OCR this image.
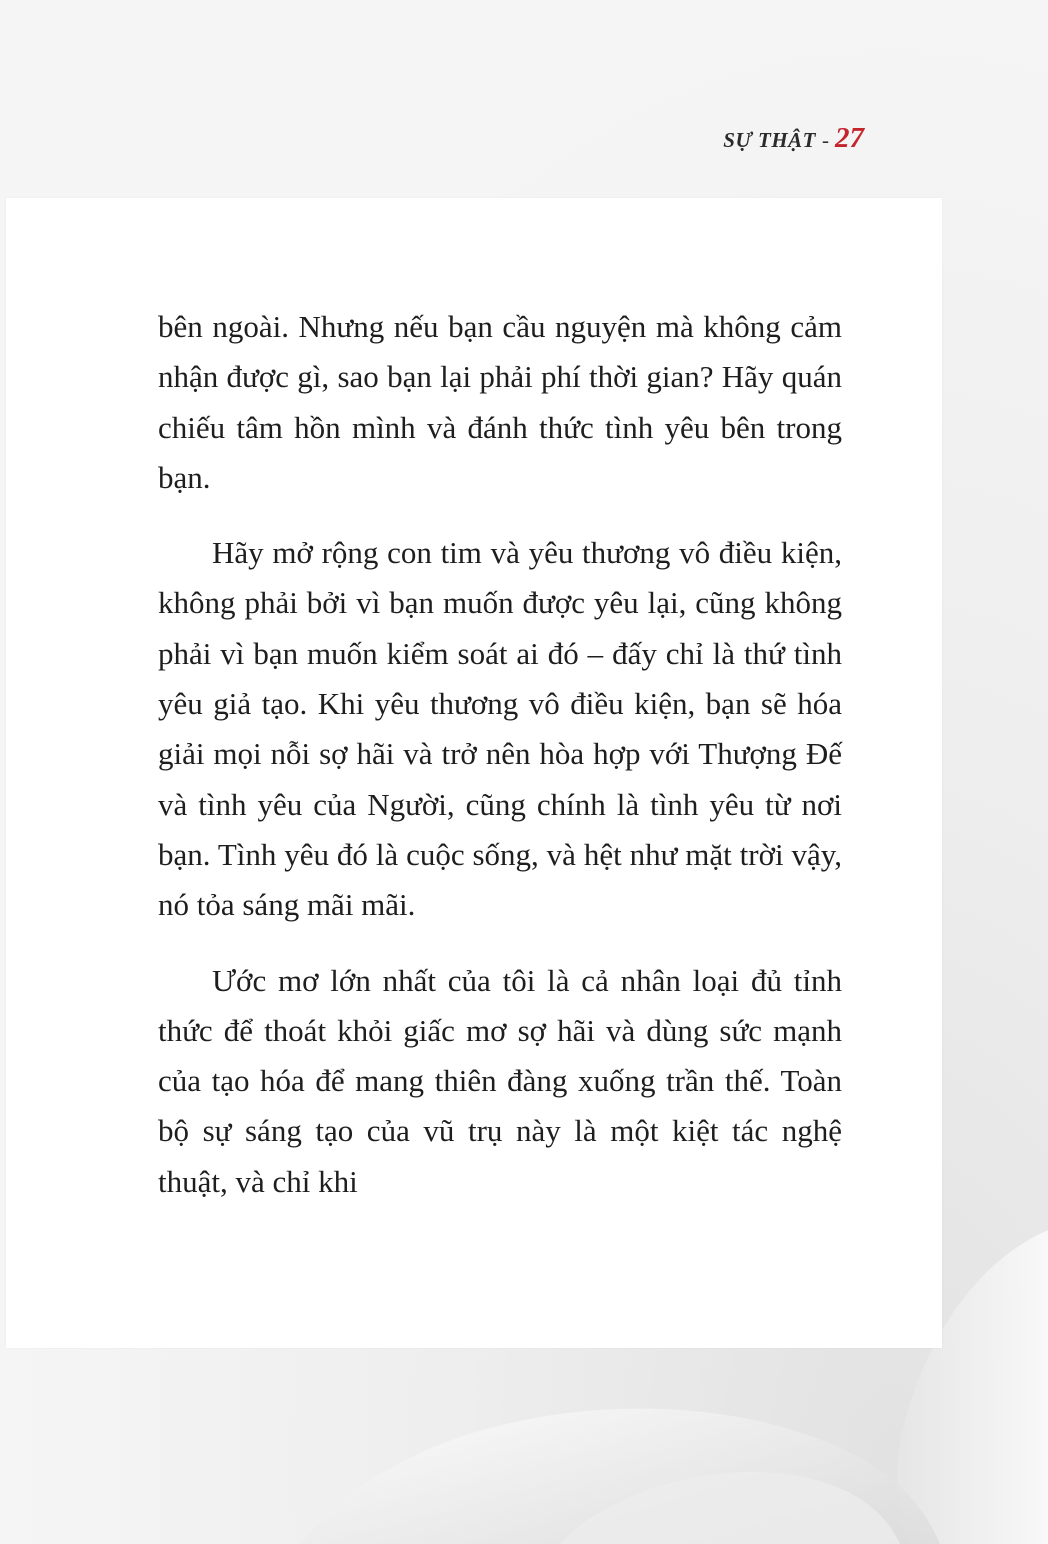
SỰ THẬT - 27

bên ngoài. Nhưng nếu bạn cầu nguyện mà không cảm nhận được gì, sao bạn lại phải phí thời gian? Hãy quán chiếu tâm hồn mình và đánh thức tình yêu bên trong bạn.

Hãy mở rộng con tim và yêu thương vô điều kiện, không phải bởi vì bạn muốn được yêu lại, cũng không phải vì bạn muốn kiểm soát ai đó – đấy chỉ là thứ tình yêu giả tạo. Khi yêu thương vô điều kiện, bạn sẽ hóa giải mọi nỗi sợ hãi và trở nên hòa hợp với Thượng Đế và tình yêu của Người, cũng chính là tình yêu từ nơi bạn. Tình yêu đó là cuộc sống, và hệt như mặt trời vậy, nó tỏa sáng mãi mãi.

Ước mơ lớn nhất của tôi là cả nhân loại đủ tỉnh thức để thoát khỏi giấc mơ sợ hãi và dùng sức mạnh của tạo hóa để mang thiên đàng xuống trần thế. Toàn bộ sự sáng tạo của vũ trụ này là một kiệt tác nghệ thuật, và chỉ khi
